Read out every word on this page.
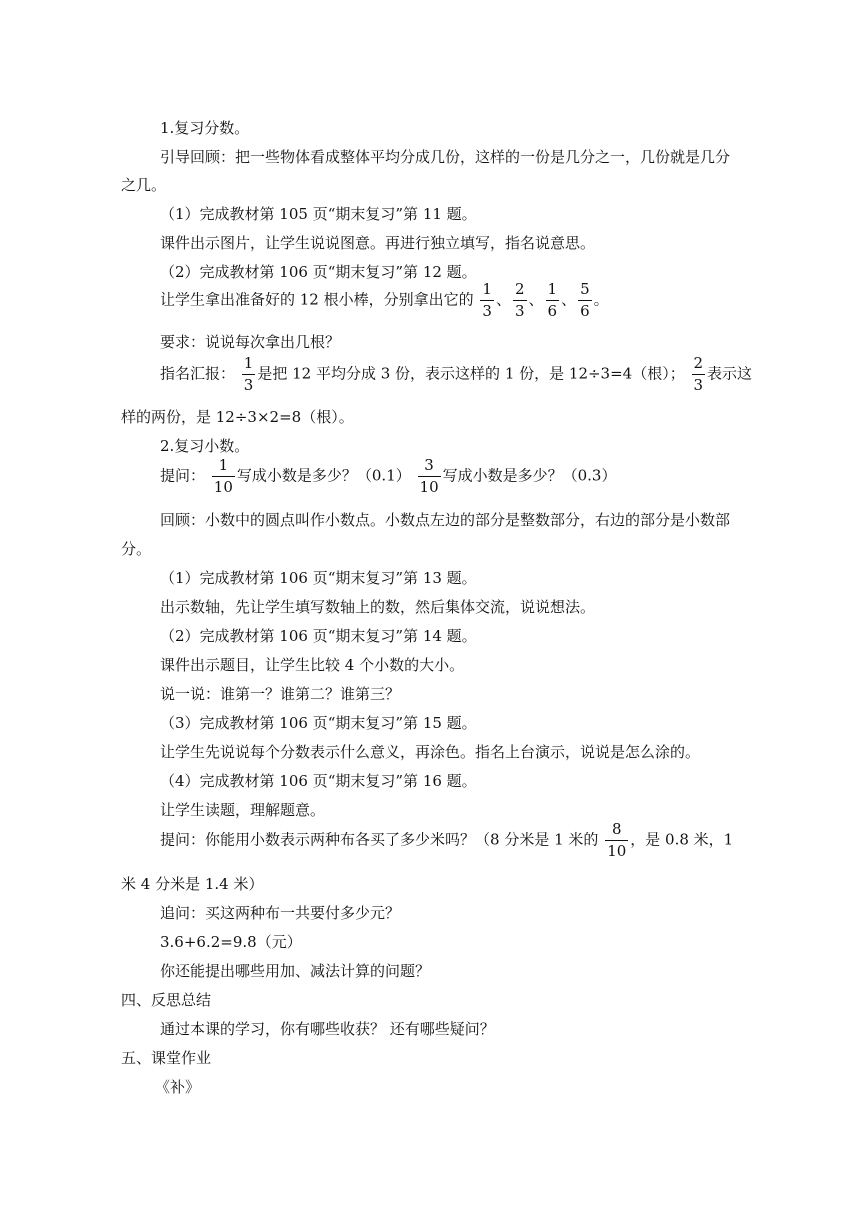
1.复习分数。
引导回顾：把一些物体看成整体平均分成几份，这样的一份是几分之一，几份就是几分
之几。
（1）完成教材第 105 页“期末复习”第 11 题。
课件出示图片，让学生说说图意。再进行独立填写，指名说意思。
（2）完成教材第 106 页“期末复习”第 12 题。
让学生拿出准备好的 12 根小棒，分别拿出它的 $\frac{1}{3}$ 、 $\frac{2}{3}$ 、 $\frac{1}{6}$ 、 $\frac{5}{6}$ 。
要求：说说每次拿出几根？
指名汇报： $\frac{1}{3}$ 是把 12 平均分成 3 份，表示这样的 1 份，是 12÷3=4（根）； $\frac{2}{3}$ 表示这
样的两份，是 12÷3×2=8（根）。
2.复习小数。
提问： $\frac{1}{10}$ 写成小数是多少？$(0.1) \frac{3}{10}$ 写成小数是多少？（0.3）
回顾：小数中的圆点叫作小数点。小数点左边的部分是整数部分，右边的部分是小数部
分。
（1）完成教材第 106 页“期末复习”第 13 题。
出示数轴，先让学生填写数轴上的数，然后集体交流，说说想法。
（2）完成教材第 106 页“期末复习”第 14 题。
课件出示题目，让学生比较 4 个小数的大小。
说一说：谁第一？谁第二？谁第三？
（3）完成教材第 106 页“期末复习”第 15 题。
让学生先说说每个分数表示什么意义，再涂色。指名上台演示，说说是怎么涂的。
（4）完成教材第 106 页“期末复习”第 16 题。
让学生读题，理解题意。
提问：你能用小数表示两种布各买了多少米吗？（8 分米是 1 米的 $\frac{8}{10}$ ，是 0.8 米，1
米 4 分米是 1.4 米）
追问：买这两种布一共要付多少元？
3.6+6.2=9.8（元）
你还能提出哪些用加、减法计算的问题？
四、反思总结
通过本课的学习，你有哪些收获？ 还有哪些疑问？
五、课堂作业
《补》
